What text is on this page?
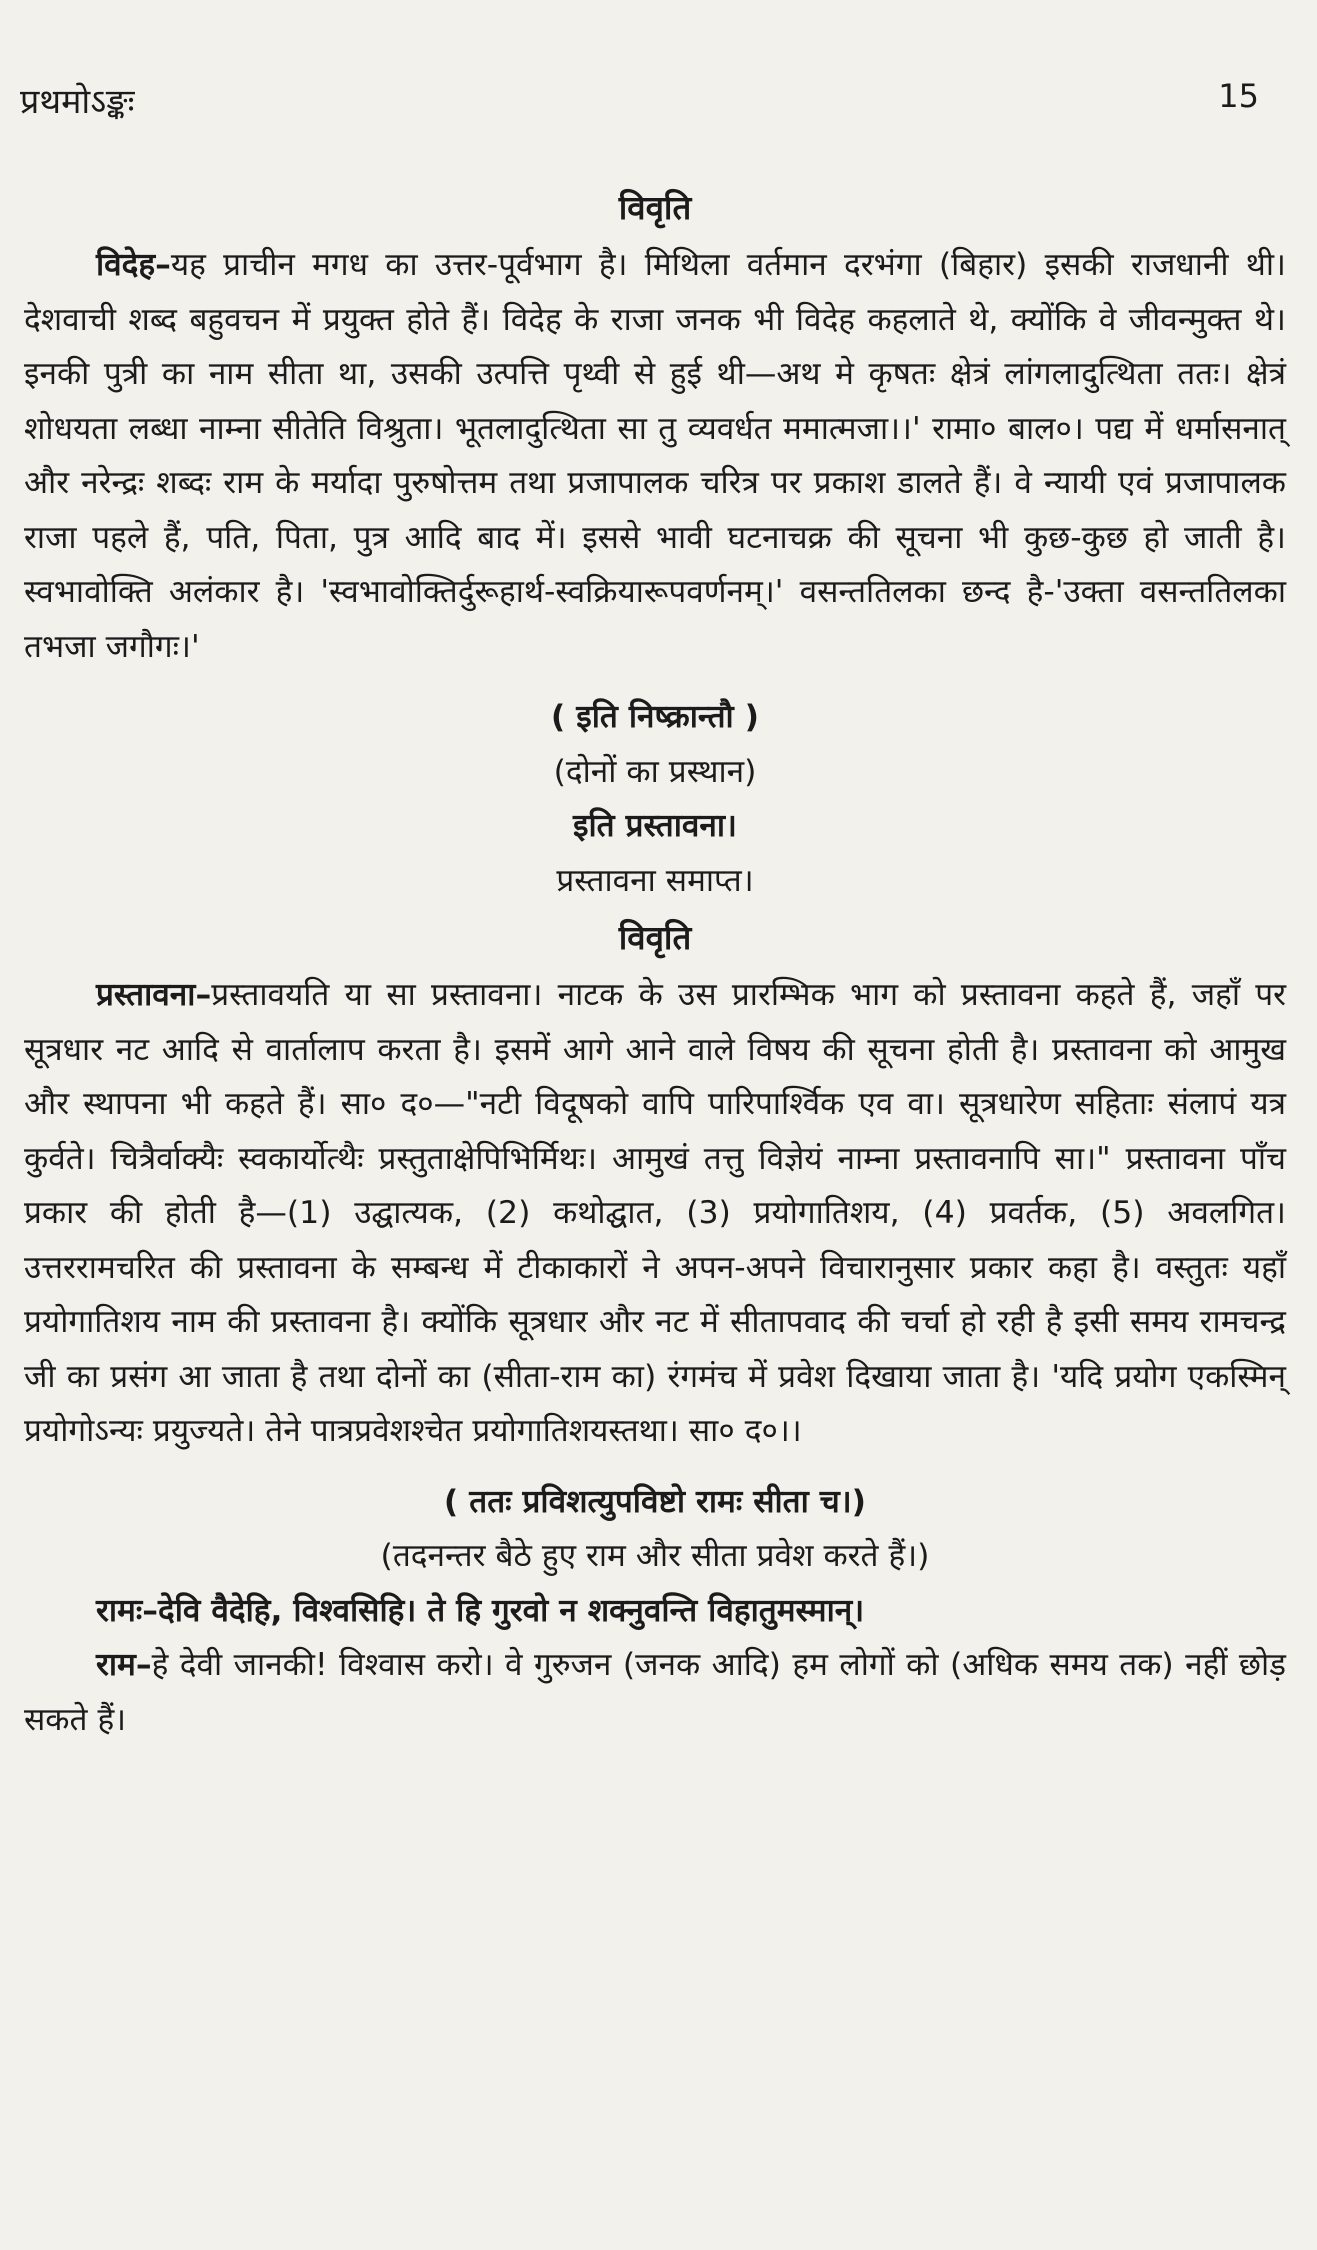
प्रथमोऽङ्कः	15

विवृति

विदेह–यह प्राचीन मगध का उत्तर-पूर्वभाग है। मिथिला वर्तमान दरभंगा (बिहार) इसकी राजधानी थी। देशवाची शब्द बहुवचन में प्रयुक्त होते हैं। विदेह के राजा जनक भी विदेह कहलाते थे, क्योंकि वे जीवन्मुक्त थे। इनकी पुत्री का नाम सीता था, उसकी उत्पत्ति पृथ्वी से हुई थी—अथ मे कृषतः क्षेत्रं लांगलादुत्थिता ततः। क्षेत्रं शोधयता लब्धा नाम्ना सीतेति विश्रुता। भूतलादुत्थिता सा तु व्यवर्धत ममात्मजा।।' रामा० बाल०। पद्य में धर्मासनात् और नरेन्द्रः शब्दः राम के मर्यादा पुरुषोत्तम तथा प्रजापालक चरित्र पर प्रकाश डालते हैं। वे न्यायी एवं प्रजापालक राजा पहले हैं, पति, पिता, पुत्र आदि बाद में। इससे भावी घटनाचक्र की सूचना भी कुछ-कुछ हो जाती है। स्वभावोक्ति अलंकार है। 'स्वभावोक्तिर्दुरूहार्थ-स्वक्रियारूपवर्णनम्।' वसन्ततिलका छन्द है-'उक्ता वसन्ततिलका तभजा जगौगः।'

( इति निष्क्रान्तौ )

(दोनों का प्रस्थान)

इति प्रस्तावना।

प्रस्तावना समाप्त।

विवृति

प्रस्तावना–प्रस्तावयति या सा प्रस्तावना। नाटक के उस प्रारम्भिक भाग को प्रस्तावना कहते हैं, जहाँ पर सूत्रधार नट आदि से वार्तालाप करता है। इसमें आगे आने वाले विषय की सूचना होती है। प्रस्तावना को आमुख और स्थापना भी कहते हैं। सा० द०—"नटी विदूषको वापि पारिपार्श्विक एव वा। सूत्रधारेण सहिताः संलापं यत्र कुर्वते। चित्रैर्वाक्यैः स्वकार्योत्थैः प्रस्तुताक्षेपिभिर्मिथः। आमुखं तत्तु विज्ञेयं नाम्ना प्रस्तावनापि सा।" प्रस्तावना पाँच प्रकार की होती है—(1) उद्घात्यक, (2) कथोद्घात, (3) प्रयोगातिशय, (4) प्रवर्तक, (5) अवलगित। उत्तररामचरित की प्रस्तावना के सम्बन्ध में टीकाकारों ने अपन-अपने विचारानुसार प्रकार कहा है। वस्तुतः यहाँ प्रयोगातिशय नाम की प्रस्तावना है। क्योंकि सूत्रधार और नट में सीतापवाद की चर्चा हो रही है इसी समय रामचन्द्र जी का प्रसंग आ जाता है तथा दोनों का (सीता-राम का) रंगमंच में प्रवेश दिखाया जाता है। 'यदि प्रयोग एकस्मिन् प्रयोगोऽन्यः प्रयुज्यते। तेने पात्रप्रवेशश्चेत प्रयोगातिशयस्तथा। सा० द०।।

( ततः प्रविशत्युपविष्टो रामः सीता च।)

(तदनन्तर बैठे हुए राम और सीता प्रवेश करते हैं।)

रामः–देवि वैदेहि, विश्वसिहि। ते हि गुरवो न शक्नुवन्ति विहातुमस्मान्।

राम–हे देवी जानकी! विश्वास करो। वे गुरुजन (जनक आदि) हम लोगों को (अधिक समय तक) नहीं छोड़ सकते हैं।
